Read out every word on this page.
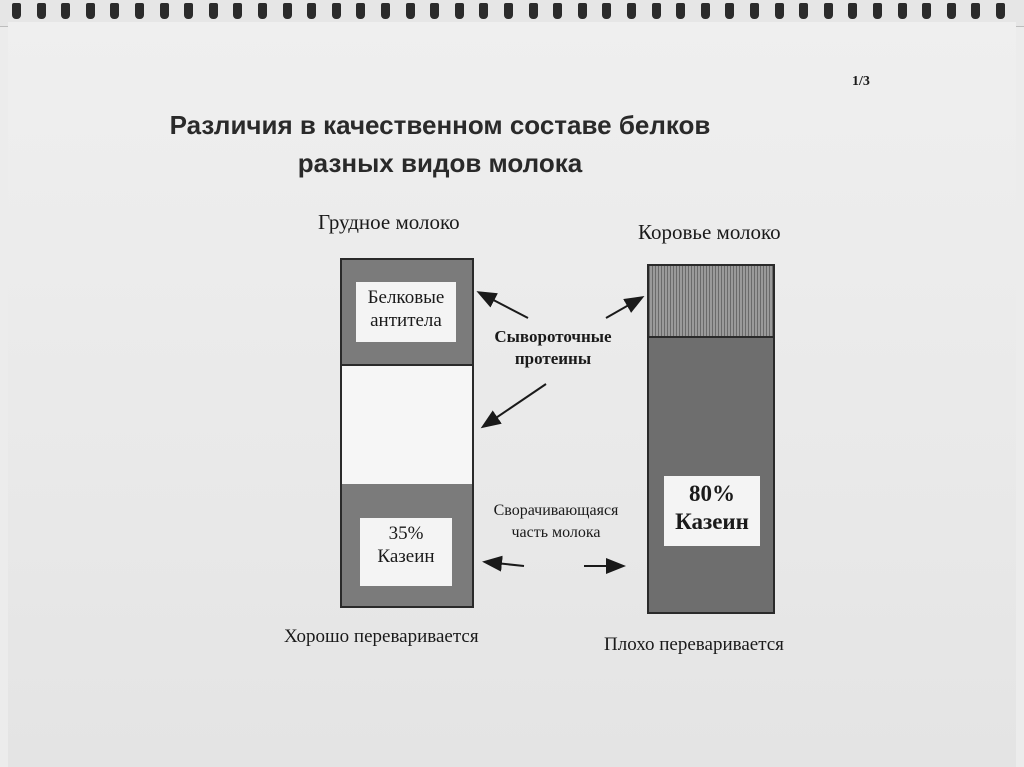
1/3
Различия в качественном составе белков
разных видов молока
Грудное молоко
Белковые
антитела
35%
Казеин
Хорошо переваривается
Коровье молоко
80%
Казеин
Плохо переваривается
Сывороточные
протеины
Сворачивающаяся
часть молока
